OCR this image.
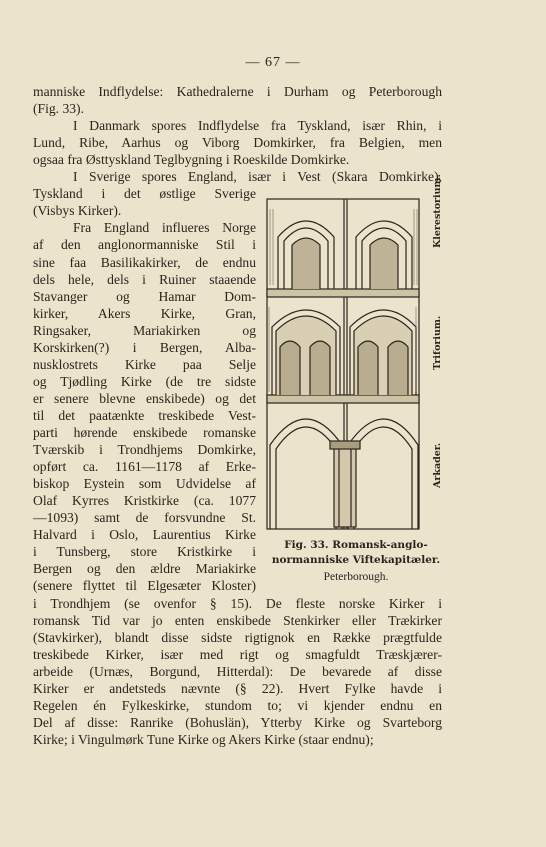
— 67 —
manniske Indflydelse: Kathedralerne i Durham og Peterborough
(Fig. 33).
I Danmark spores Indflydelse fra Tyskland, især Rhin, i
Lund, Ribe, Aarhus og Viborg Domkirker, fra Belgien, men
ogsaa fra Østtyskland Teglbygning i Roeskilde Domkirke.
I Sverige spores England, især i Vest (Skara Domkirke),
Tyskland i det østlige Sverige
(Visbys Kirker).
Fra England influeres Norge
af den anglonormanniske Stil i
sine faa Basilikakirker, de endnu
dels hele, dels i Ruiner staaende
Stavanger og Hamar Dom-
kirker, Akers Kirke, Gran,
Ringsaker, Mariakirken og
Korskirken(?) i Bergen, Alba-
nusklostrets Kirke paa Selje
og Tjødling Kirke (de tre sidste
er senere blevne enskibede) og det
til det paatænkte treskibede Vest-
parti hørende enskibede romanske
Tværskib i Trondhjems Domkirke,
opført ca. 1161—1178 af Erke-
biskop Eystein som Udvidelse af
Olaf Kyrres Kristkirke (ca. 1077
—1093) samt de forsvundne St.
Halvard i Oslo, Laurentius Kirke
i Tunsberg, store Kristkirke i
Bergen og den ældre Mariakirke
(senere flyttet til Elgesæter Kloster)
i Trondhjem (se ovenfor § 15). De fleste norske Kirker i
romansk Tid var jo enten enskibede Stenkirker eller Trækirker
(Stavkirker), blandt disse sidste rigtignok en Række prægtfulde
treskibede Kirker, især med rigt og smagfuldt Træskjærer-
arbeide (Urnæs, Borgund, Hitterdal): De bevarede af disse
Kirker er andetsteds nævnte (§ 22). Hvert Fylke havde i
Regelen én Fylkeskirke, stundom to; vi kjender endnu en
Del af disse: Ranrike (Bohuslän), Ytterby Kirke og Svarteborg
Kirke; i Vingulmørk Tune Kirke og Akers Kirke (staar endnu);
Klerestorium.
Triforium.
Arkader.
Fig. 33. Romansk-anglo-
normanniske Viftekapitæler.
Peterborough.
